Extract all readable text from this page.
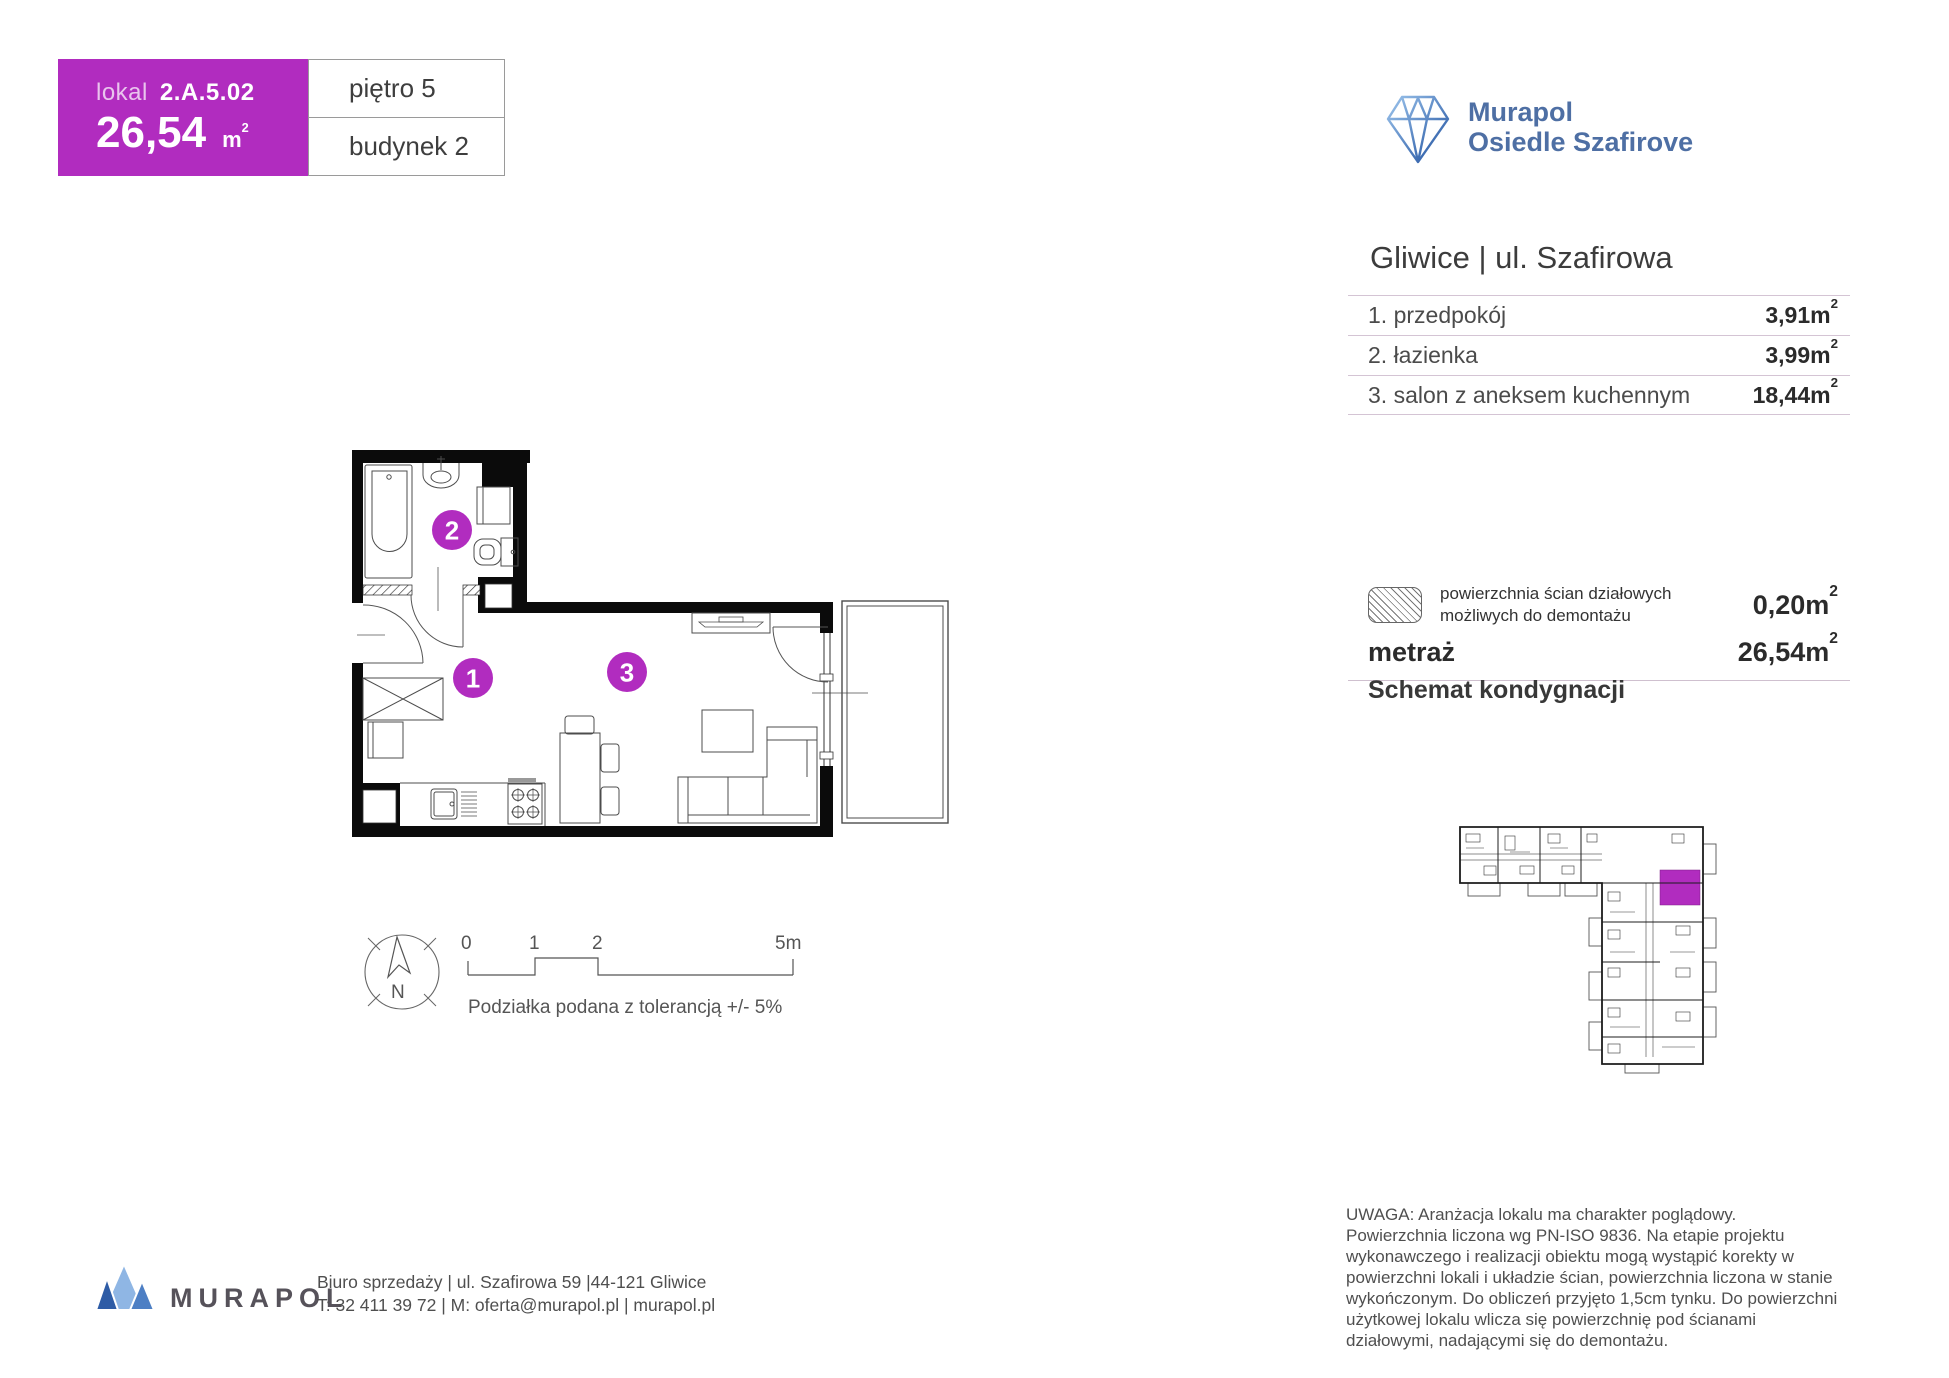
lokal 2.A.5.02
26,54 $m^2$
piętro 5
budynek 2
Murapol
Osiedle Szafirove
Gliwice | ul. Szafirowa
1. przedpokój	$3,91m^2$
2. łazienka	$3,99m^2$
3. salon z aneksem kuchennym	$18,44m^2$
powierzchnia ścian działowych możliwych do demontażu	$0,20m^2$
metraż	$26,54m^2$
Schemat kondygnacji
1
2
3
N
0	1	2	5m
Podziałka podana z tolerancją +/- 5%
UWAGA: Aranżacja lokalu ma charakter poglądowy. Powierzchnia liczona wg PN-ISO 9836. Na etapie projektu wykonawczego i realizacji obiektu mogą wystąpić korekty w powierzchni lokali i układzie ścian, powierzchnia liczona w stanie wykończonym. Do obliczeń przyjęto 1,5cm tynku. Do powierzchni użytkowej lokalu wlicza się powierzchnię pod ścianami działowymi, nadającymi się do demontażu.
MURAPOL
Biuro sprzedaży | ul. Szafirowa 59 |44-121 Gliwice
T: 32 411 39 72 | M: oferta@murapol.pl | murapol.pl
